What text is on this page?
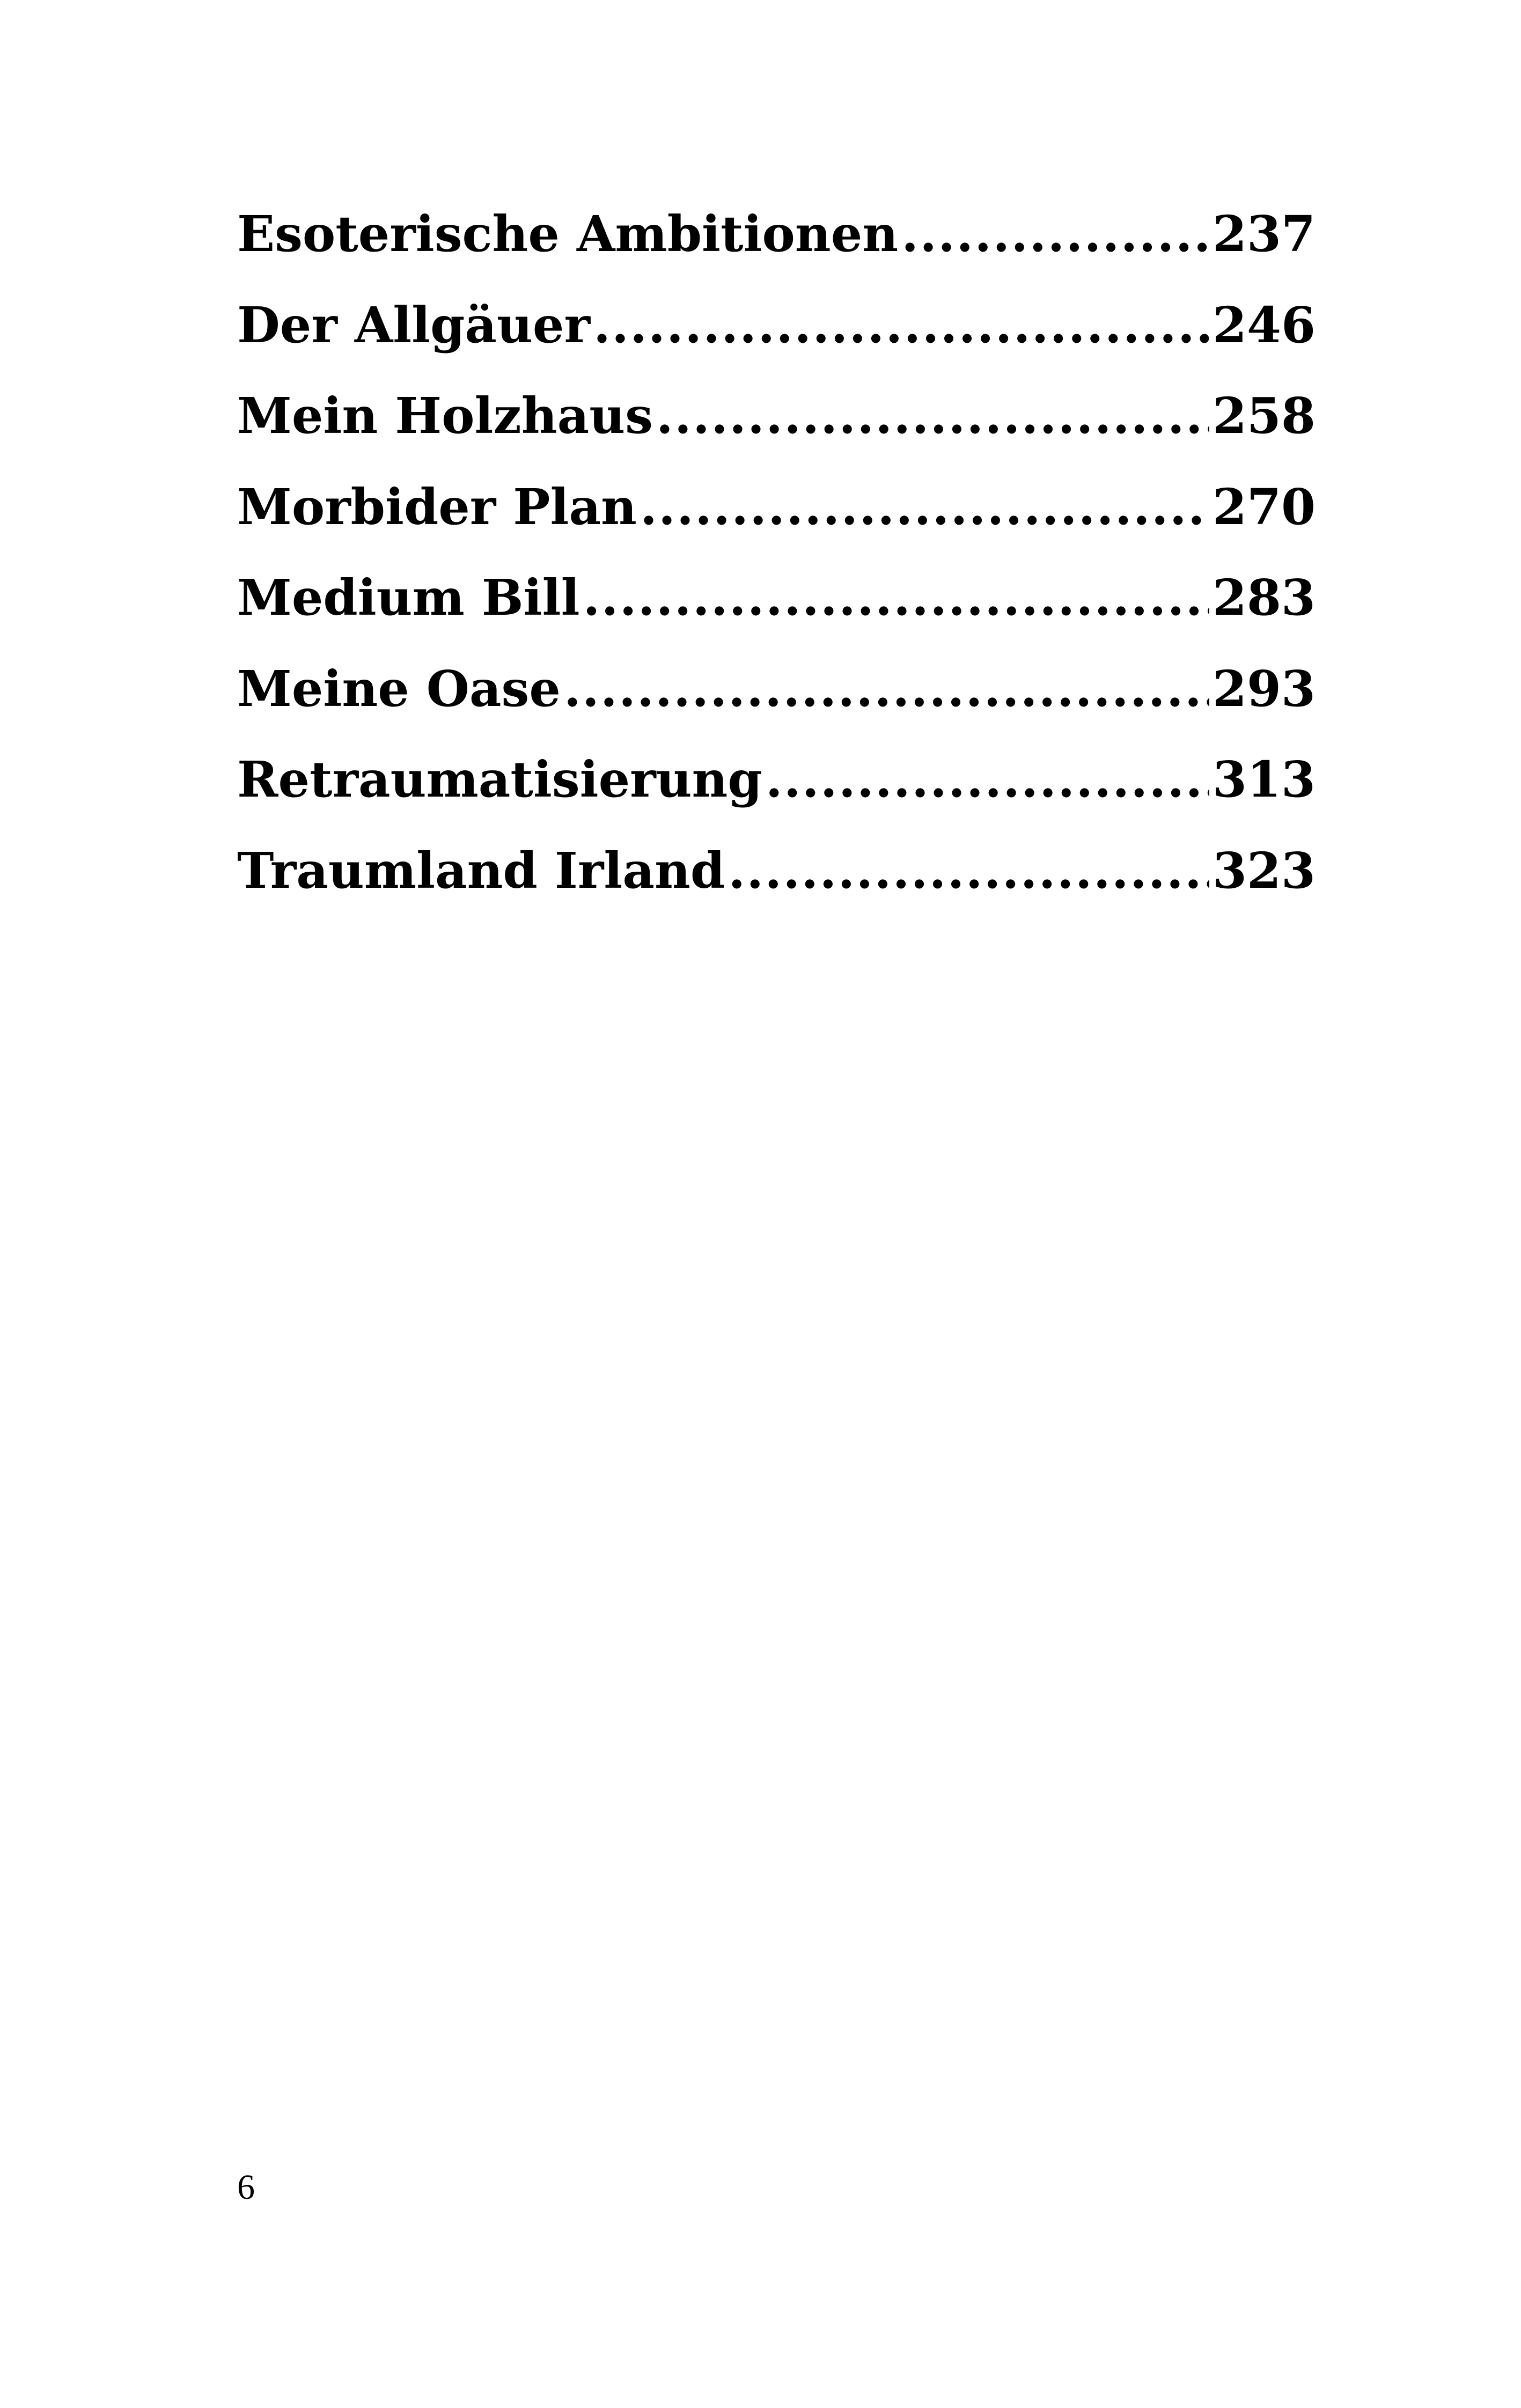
Esoterische Ambitionen .....	237
Der Allgäuer .....	246
Mein Holzhaus .....	258
Morbider Plan .....	270
Medium Bill .....	283
Meine Oase .....	293
Retraumatisierung .....	313
Traumland Irland .....	323
6
